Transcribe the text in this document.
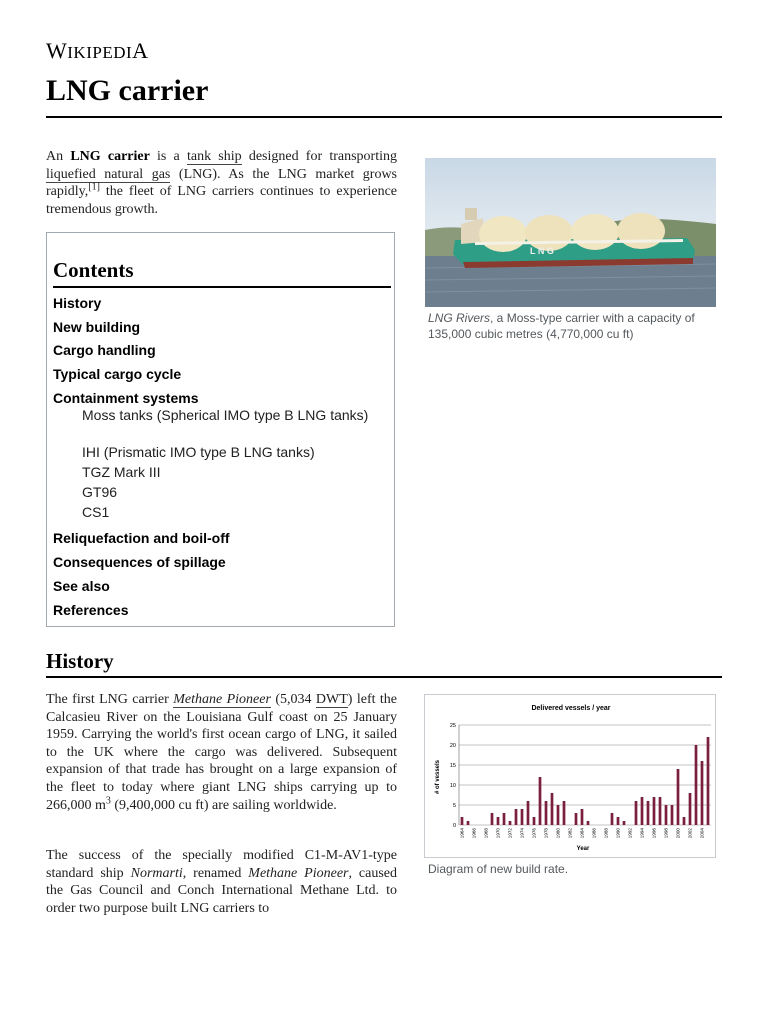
WIKIPEDIA
LNG carrier

An LNG carrier is a tank ship designed for transporting liquefied natural gas (LNG). As the LNG market grows rapidly,[1] the fleet of LNG carriers continues to experience tremendous growth.

Contents
History
New building
Cargo handling
Typical cargo cycle
Containment systems
Moss tanks (Spherical IMO type B LNG tanks)
IHI (Prismatic IMO type B LNG tanks)
TGZ Mark III
GT96
CS1
Reliquefaction and boil-off
Consequences of spillage
See also
References
L N G
LNG Rivers, a Moss-type carrier with a capacity of 135,000 cubic metres (4,770,000 cu ft)
History

The first LNG carrier Methane Pioneer (5,034 DWT) left the Calcasieu River on the Louisiana Gulf coast on 25 January 1959. Carrying the world's first ocean cargo of LNG, it sailed to the UK where the cargo was delivered. Subsequent expansion of that trade has brought on a large expansion of the fleet to today where giant LNG ships carrying up to 266,000 $m^3$ (9,400,000 cu ft) are sailing worldwide.

The success of the specially modified C1-M-AV1-type standard ship Normarti, renamed Methane Pioneer, caused the Gas Council and Conch International Methane Ltd. to order two purpose built LNG carriers to

Delivered vessels / year
Year
# of vessels
0
5
10
15
20
25
1964 1966 1968 1970 1972 1974 1976 1978 1980 1982 1984 1986 1988 1990 1992 1994 1996 1998 2000 2002 2004
Diagram of new build rate.
